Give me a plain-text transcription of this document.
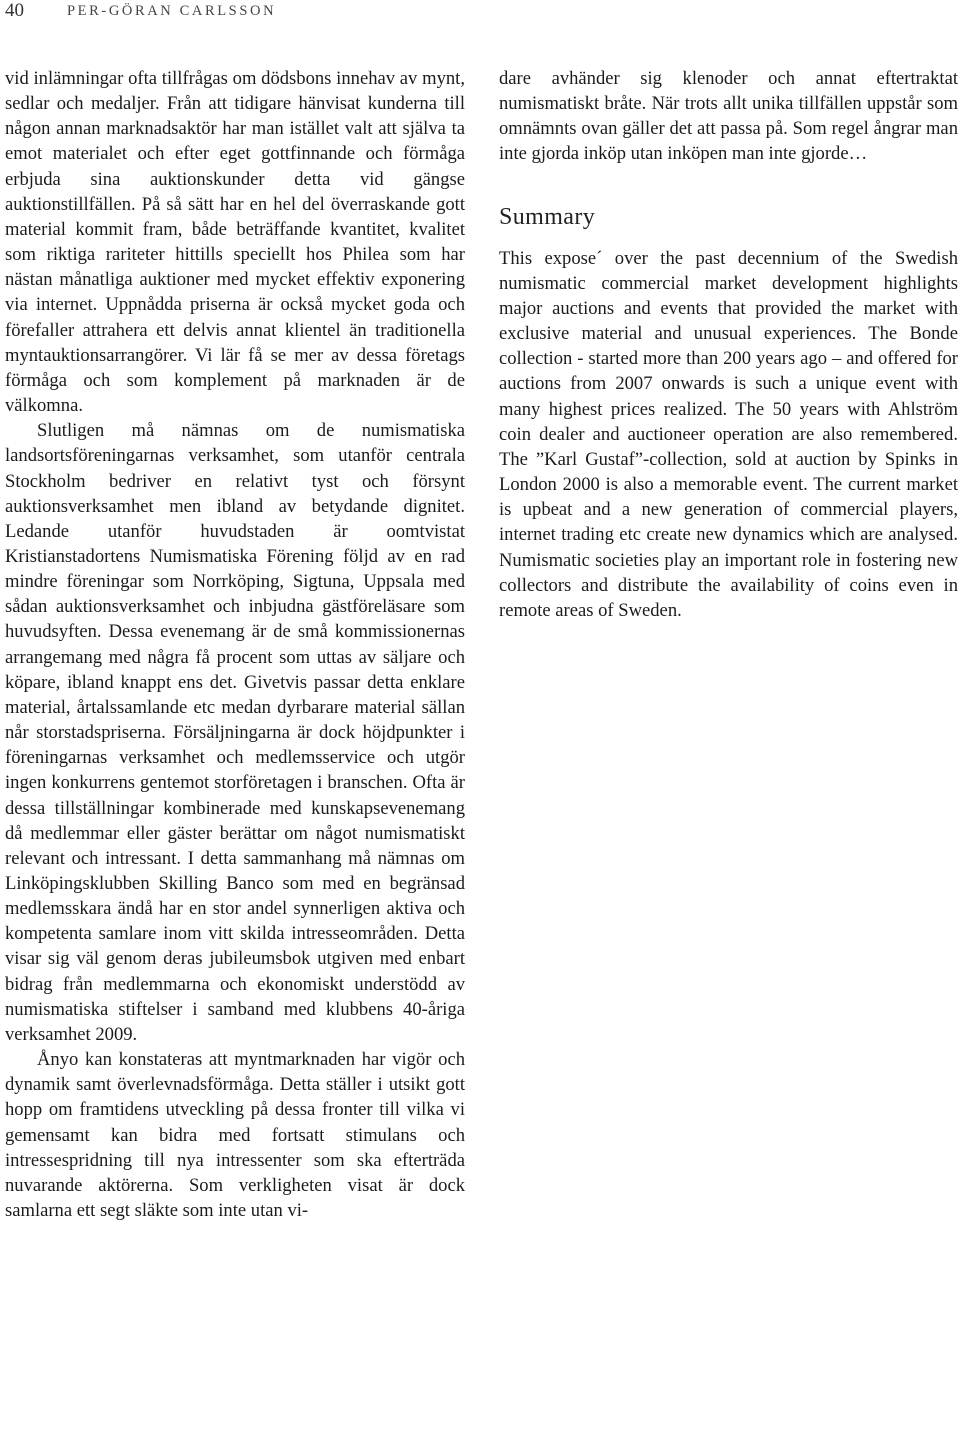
40	PER-GÖRAN CARLSSON

vid inlämningar ofta tillfrågas om dödsbons innehav av mynt, sedlar och medaljer. Från att tidigare hänvisat kunderna till någon annan marknadsaktör har man istället valt att själva ta emot materialet och efter eget gottfinnande och förmåga erbjuda sina auktionskunder detta vid gängse auktionstillfällen. På så sätt har en hel del överraskande gott material kommit fram, både beträffande kvantitet, kvalitet som riktiga rariteter hittills speciellt hos Philea som har nästan månatliga auktioner med mycket effektiv exponering via internet. Uppnådda priserna är också mycket goda och förefaller attrahera ett delvis annat klientel än traditionella myntauktionsarrangörer. Vi lär få se mer av dessa företags förmåga och som komplement på marknaden är de välkomna.

Slutligen må nämnas om de numismatiska landsortsföreningarnas verksamhet, som utanför centrala Stockholm bedriver en relativt tyst och försynt auktionsverksamhet men ibland av betydande dignitet. Ledande utanför huvudstaden är oomtvistat Kristianstadortens Numismatiska Förening följd av en rad mindre föreningar som Norrköping, Sigtuna, Uppsala med sådan auktionsverksamhet och inbjudna gästföreläsare som huvudsyften. Dessa evenemang är de små kommissionernas arrangemang med några få procent som uttas av säljare och köpare, ibland knappt ens det. Givetvis passar detta enklare material, årtalssamlande etc medan dyrbarare material sällan når storstadspriserna. Försäljningarna är dock höjdpunkter i föreningarnas verksamhet och medlemsservice och utgör ingen konkurrens gentemot storföretagen i branschen. Ofta är dessa tillställningar kombinerade med kunskapsevenemang då medlemmar eller gäster berättar om något numismatiskt relevant och intressant. I detta sammanhang må nämnas om Linköpingsklubben Skilling Banco som med en begränsad medlemsskara ändå har en stor andel synnerligen aktiva och kompetenta samlare inom vitt skilda intresseområden. Detta visar sig väl genom deras jubileumsbok utgiven med enbart bidrag från medlemmarna och ekonomiskt understödd av numismatiska stiftelser i samband med klubbens 40-åriga verksamhet 2009.

Ånyo kan konstateras att myntmarknaden har vigör och dynamik samt överlevnadsförmåga. Detta ställer i utsikt gott hopp om framtidens utveckling på dessa fronter till vilka vi gemensamt kan bidra med fortsatt stimulans och intressespridning till nya intressenter som ska efterträda nuvarande aktörerna. Som verkligheten visat är dock samlarna ett segt släkte som inte utan vi-

dare avhänder sig klenoder och annat eftertraktat numismatiskt bråte. När trots allt unika tillfällen uppstår som omnämnts ovan gäller det att passa på. Som regel ångrar man inte gjorda inköp utan inköpen man inte gjorde…

Summary

This expose´ over the past decennium of the Swedish numismatic commercial market development highlights major auctions and events that provided the market with exclusive material and unusual experiences. The Bonde collection - started more than 200 years ago – and offered for auctions from 2007 onwards is such a unique event with many highest prices realized. The 50 years with Ahlström coin dealer and auctioneer operation are also remembered. The ”Karl Gustaf”-collection, sold at auction by Spinks in London 2000 is also a memorable event. The current market is upbeat and a new generation of commercial players, internet trading etc create new dynamics which are analysed. Numismatic societies play an important role in fostering new collectors and distribute the availability of coins even in remote areas of Sweden.
